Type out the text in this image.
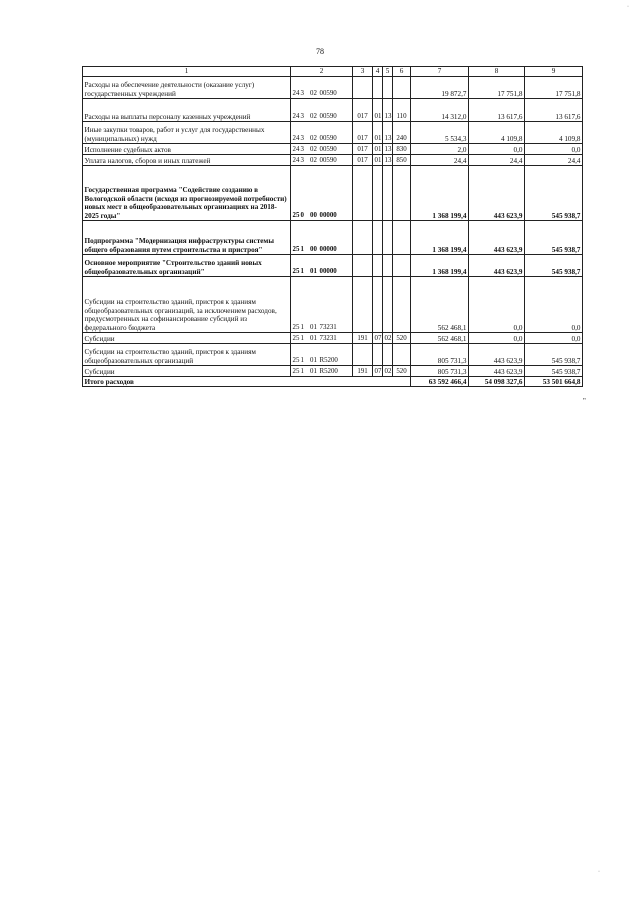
78
1	2	3	4	5	6	7	8	9
Расходы на обеспечение деятельности (оказание услуг) государственных учреждений	243 02 00590					19 872,7	17 751,8	17 751,8
Расходы на выплаты персоналу казенных учреждений	243 02 00590	017	01	13	110	14 312,0	13 617,6	13 617,6
Иные закупки товаров, работ и услуг для государственных (муниципальных) нужд	243 02 00590	017	01	13	240	5 534,3	4 109,8	4 109,8
Исполнение судебных актов	243 02 00590	017	01	13	830	2,0	0,0	0,0
Уплата налогов, сборов и иных платежей	243 02 00590	017	01	13	850	24,4	24,4	24,4
Государственная программа "Содействие созданию в Вологодской области (исходя из прогнозируемой потребности) новых мест в общеобразовательных организациях на 2018-2025 годы"	250 00 00000					1 368 199,4	443 623,9	545 938,7
Подпрограмма "Модернизация инфраструктуры системы общего образования путем строительства и пристроя"	251 00 00000					1 368 199,4	443 623,9	545 938,7
Основное мероприятие "Строительство зданий новых общеобразовательных организаций"	251 01 00000					1 368 199,4	443 623,9	545 938,7
Субсидии на строительство зданий, пристроя к зданиям общеобразовательных организаций, за исключением расходов, предусмотренных на софинансирование субсидий из федерального бюджета	251 01 73231					562 468,1	0,0	0,0
Субсидии	251 01 73231	191	07	02	520	562 468,1	0,0	0,0
Субсидии на строительство зданий, пристроя к зданиям общеобразовательных организаций	251 01 R5200					805 731,3	443 623,9	545 938,7
Субсидии	251 01 R5200	191	07	02	520	805 731,3	443 623,9	545 938,7
Итого расходов						63 592 466,4	54 098 327,6	53 501 664,8
"
·
·
